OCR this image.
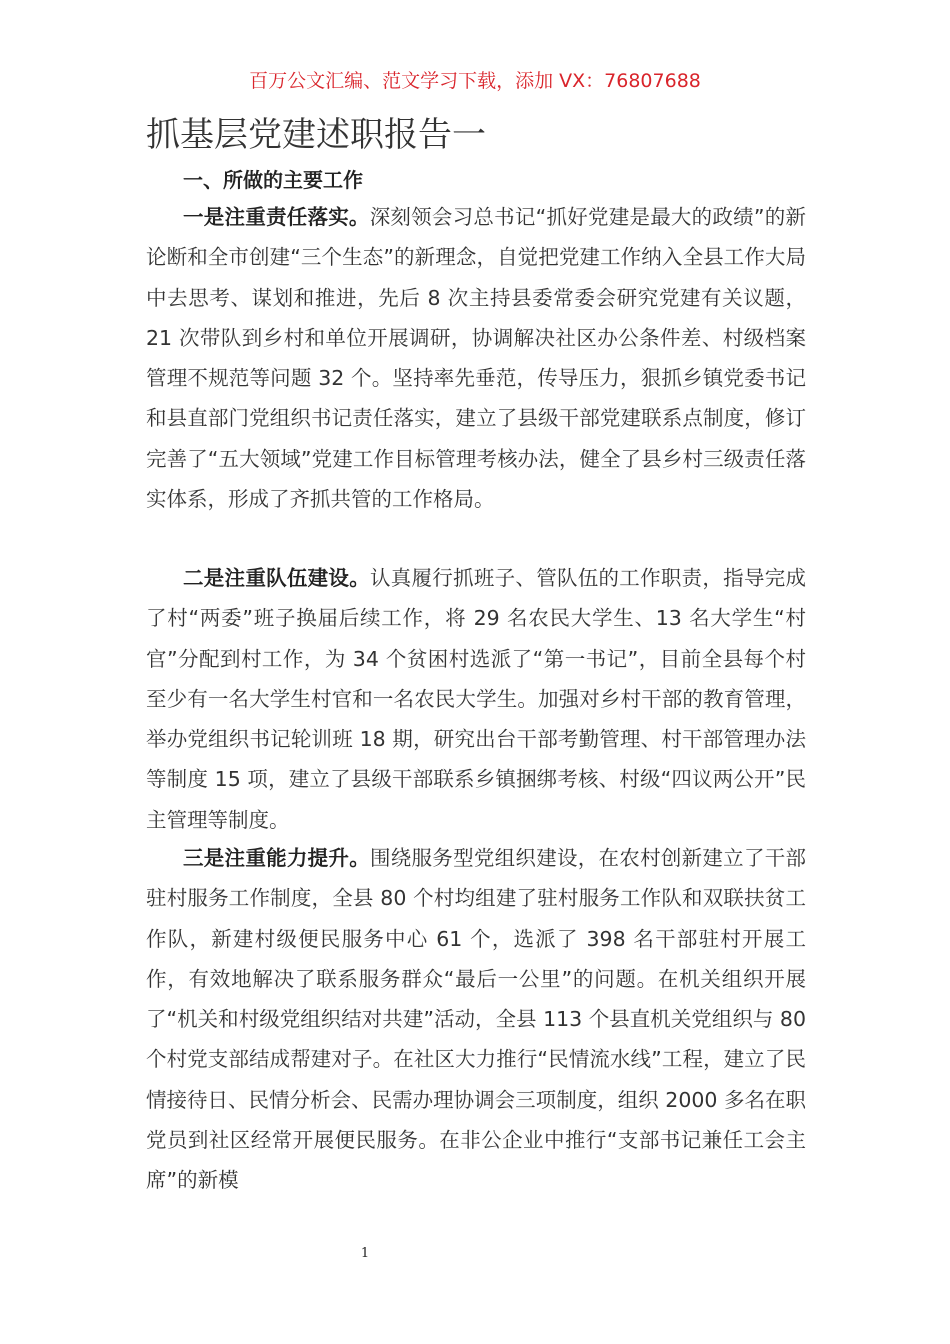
百万公文汇编、范文学习下载，添加 VX：76807688
抓基层党建述职报告一
一、所做的主要工作

一是注重责任落实。深刻领会习总书记“抓好党建是最大的政绩”的新论断和全市创建“三个生态”的新理念，自觉把党建工作纳入全县工作大局中去思考、谋划和推进，先后 8 次主持县委常委会研究党建有关议题，21 次带队到乡村和单位开展调研，协调解决社区办公条件差、村级档案管理不规范等问题 32 个。坚持率先垂范，传导压力，狠抓乡镇党委书记和县直部门党组织书记责任落实，建立了县级干部党建联系点制度，修订完善了“五大领域”党建工作目标管理考核办法，健全了县乡村三级责任落实体系，形成了齐抓共管的工作格局。

二是注重队伍建设。认真履行抓班子、管队伍的工作职责，指导完成了村“两委”班子换届后续工作，将 29 名农民大学生、13 名大学生“村官”分配到村工作，为 34 个贫困村选派了“第一书记”，目前全县每个村至少有一名大学生村官和一名农民大学生。加强对乡村干部的教育管理，举办党组织书记轮训班 18 期，研究出台干部考勤管理、村干部管理办法等制度 15 项，建立了县级干部联系乡镇捆绑考核、村级“四议两公开”民主管理等制度。

三是注重能力提升。围绕服务型党组织建设，在农村创新建立了干部驻村服务工作制度，全县 80 个村均组建了驻村服务工作队和双联扶贫工作队，新建村级便民服务中心 61 个，选派了 398 名干部驻村开展工作，有效地解决了联系服务群众“最后一公里”的问题。在机关组织开展了“机关和村级党组织结对共建”活动，全县 113 个县直机关党组织与 80 个村党支部结成帮建对子。在社区大力推行“民情流水线”工程，建立了民情接待日、民情分析会、民需办理协调会三项制度，组织 2000 多名在职党员到社区经常开展便民服务。在非公企业中推行“支部书记兼任工会主席”的新模

1
